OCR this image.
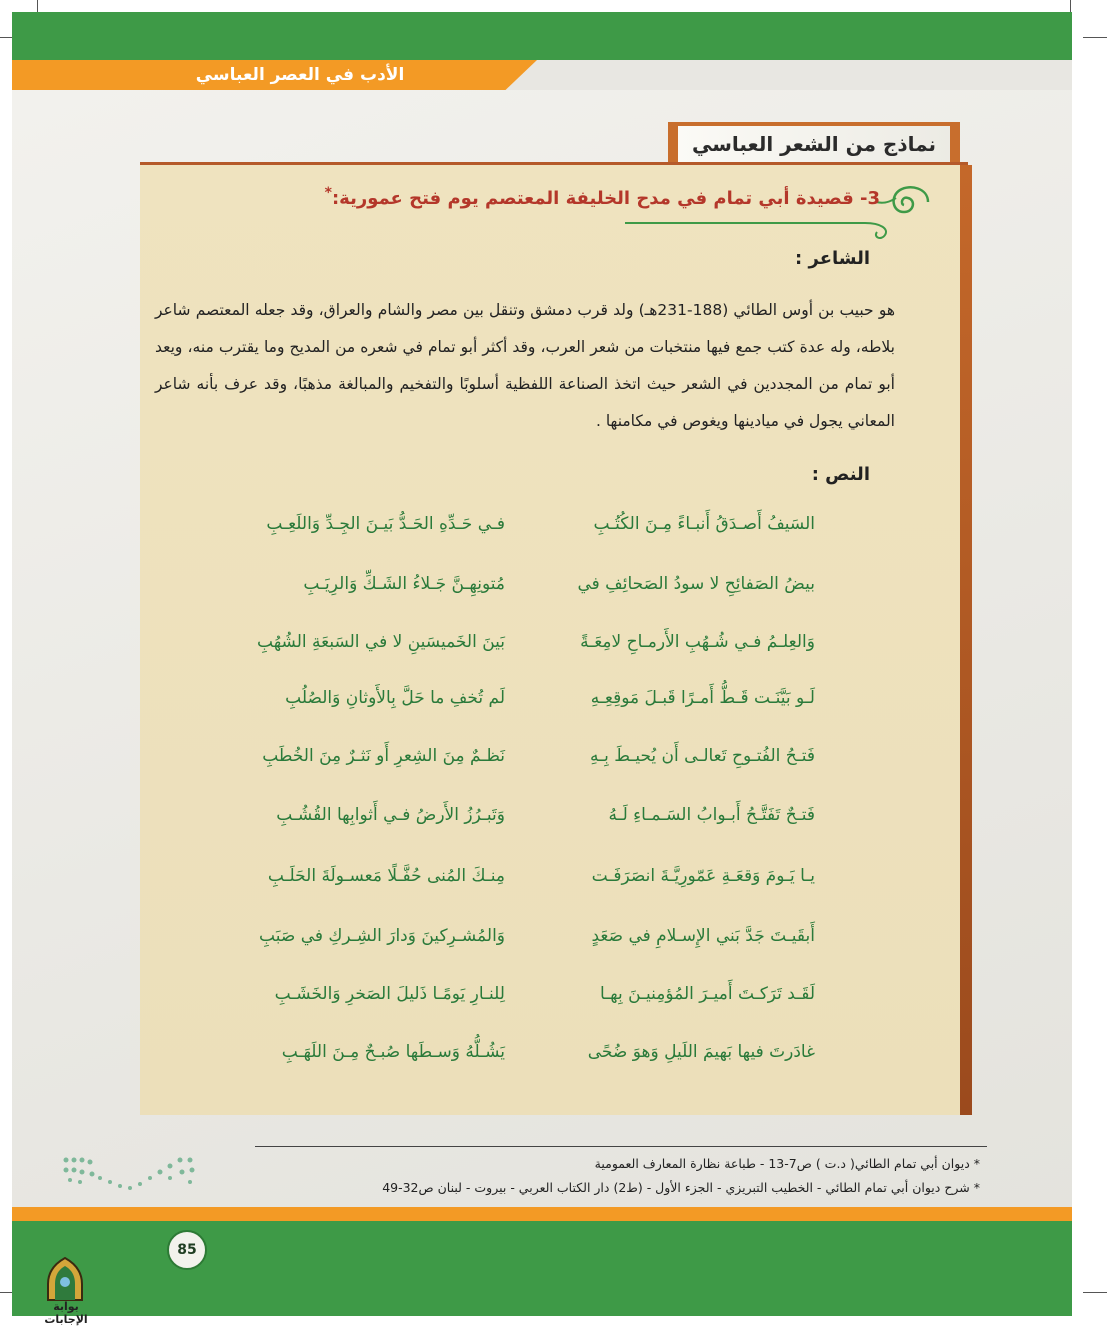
الأدب في العصر العباسي
نماذج من الشعر العباسي
3- قصيدة أبي تمام في مدح الخليفة المعتصم يوم فتح عمورية:*
الشاعر :
هو حبيب بن أوس الطائي (188-231هـ) ولد قرب دمشق وتنقل بين مصر والشام والعراق، وقد جعله المعتصم شاعر بلاطه، وله عدة كتب جمع فيها منتخبات من شعر العرب، وقد أكثر أبو تمام في شعره من المديح وما يقترب منه، ويعد أبو تمام من المجددين في الشعر حيث اتخذ الصناعة اللفظية أسلوبًا والتفخيم والمبالغة مذهبًا، وقد عرف بأنه شاعر المعاني يجول في ميادينها ويغوص في مكامنها .
النص :
السَيفُ أَصـدَقُ أَنبـاءً مِـنَ الكُتُـبِ
فـي حَـدِّهِ الحَـدُّ بَيـنَ الجِـدِّ وَاللَعِـبِ
بيضُ الصَفائِحِ لا سودُ الصَحائِفِ في
مُتونِهِـنَّ جَـلاءُ الشَـكِّ وَالرِيَـبِ
وَالعِلـمُ فـي شُـهُبِ الأَرمـاحِ لامِعَـةً
بَينَ الخَميسَينِ لا في السَبعَةِ الشُهُبِ
لَـو بَيَّنَـت قَـطُّ أَمـرًا قَبـلَ مَوقِعِـهِ
لَم تُخفِ ما حَلَّ بِالأَوثانِ وَالصُلُبِ
فَتـحُ الفُتـوحِ تَعالـى أَن يُحيـطَ بِـهِ
نَظـمٌ مِنَ الشِعرِ أَو نَثـرٌ مِنَ الخُطَبِ
فَتـحٌ تَفَتَّـحُ أَبـوابُ السَـمـاءِ لَـهُ
وَتَبـرُزُ الأَرضُ فـي أَثوابِها القُشُـبِ
يـا يَـومَ وَقعَـةِ عَمّورِيَّـةَ انصَرَفَـت
مِنـكَ المُنى حُفَّـلًا مَعسـولَةَ الحَلَـبِ
أَبقَيـتَ جَدَّ بَني الإِسـلامِ في صَعَدٍ
وَالمُشـرِكينَ وَدارَ الشِـركِ في صَبَبِ
لَقَـد تَرَكـتَ أَميـرَ المُؤمِنيـنَ بِهـا
لِلنـارِ يَومًـا ذَليلَ الصَخرِ وَالخَشَـبِ
غادَرتَ فيها بَهيمَ اللَيلِ وَهوَ ضُحًى
يَشُـلُّهُ وَسـطَها صُبـحٌ مِـنَ اللَهَـبِ
* ديوان أبي تمام الطائي( د.ت ) ص7-13 - طباعة نظارة المعارف العمومية
* شرح ديوان أبي تمام الطائي - الخطيب التبريزي - الجزء الأول - (ط2) دار الكتاب العربي - بيروت - لبنان ص32-49
85
بوابة الإجابات
